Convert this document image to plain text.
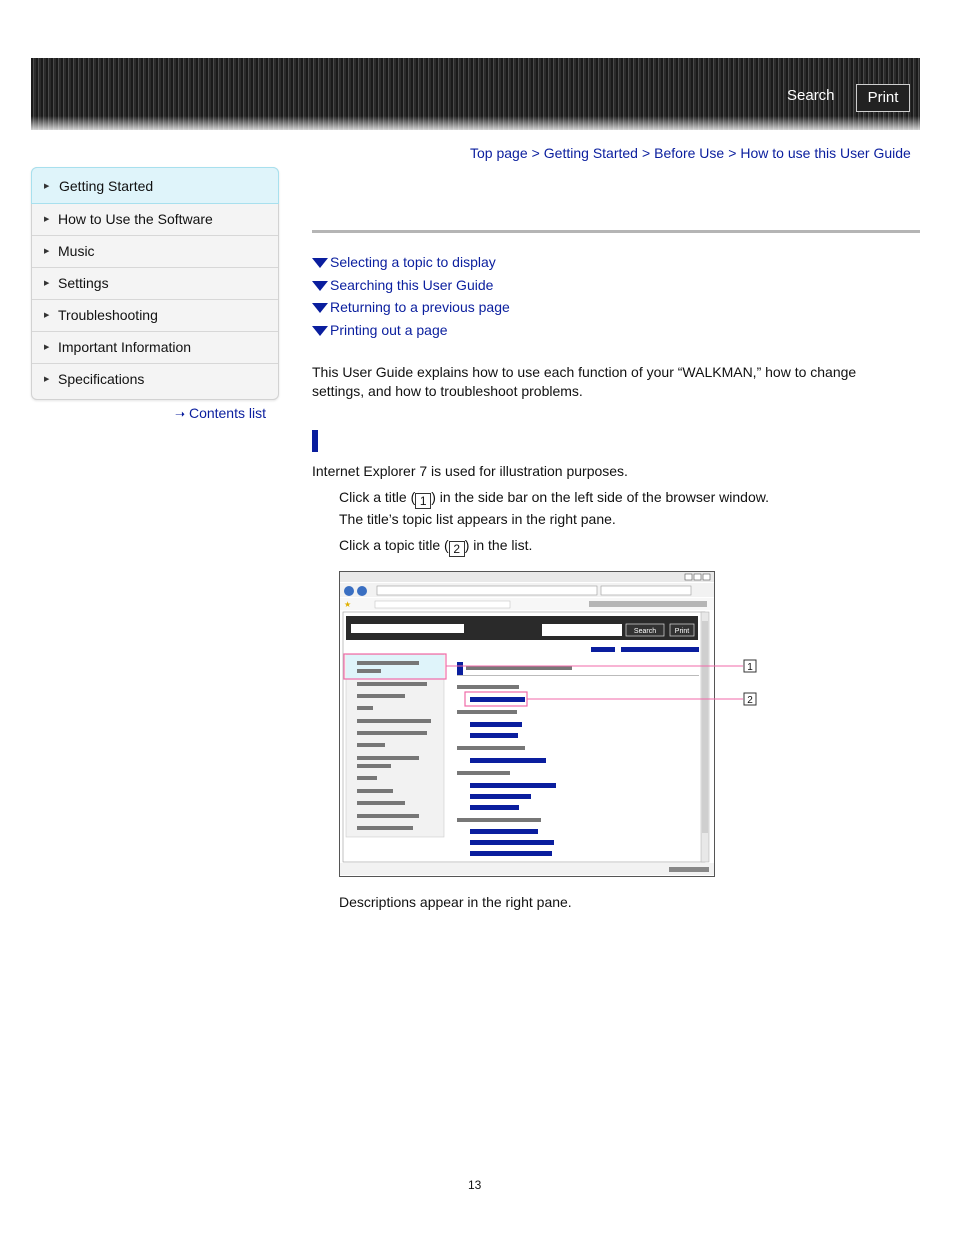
Search	Print
Top page > Getting Started > Before Use > How to use this User Guide
▶ Getting Started
▶ How to Use the Software
▶ Music
▶ Settings
▶ Troubleshooting
▶ Important Information
▶ Specifications
➝ Contents list
Selecting a topic to display
Searching this User Guide
Returning to a previous page
Printing out a page
This User Guide explains how to use each function of your “WALKMAN,” how to change settings, and how to troubleshoot problems.
Internet Explorer 7 is used for illustration purposes.
Click a title ( 1 ) in the side bar on the left side of the browser window.
The title’s topic list appears in the right pane.
Click a topic title ( 2 ) in the list.
★
Search	Print
1
2
Descriptions appear in the right pane.
13
